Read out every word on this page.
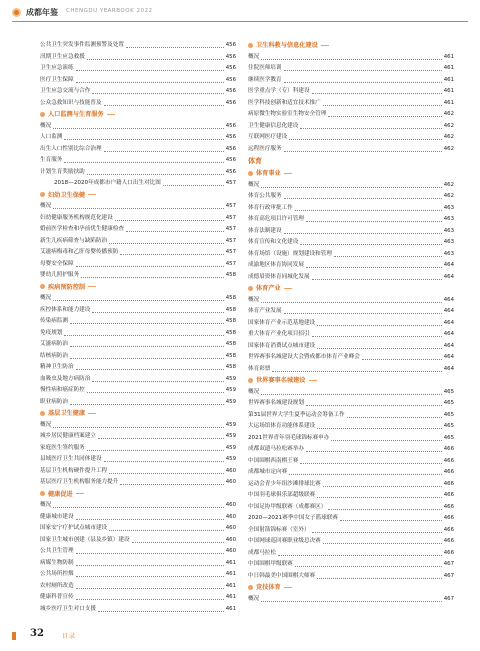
成都年鉴 CHENGDU YEARBOOK 2022
公共卫生突发事件监测预警及处置	456
汛期卫生应急救援	456
卫生应急演练	456
医疗卫生保障	456
卫生应急交流与合作	456
公众急救知识与技能普及	456
人口监测与生育服务
概况	456
人口监测	456
出生人口性别比综合治理	456
生育服务	456
计划生育奖励扶助	456
2018—2020年成都市户籍人口出生对比图	457
妇幼卫生保健
概况	457
妇幼健康服务机构规范化建设	457
婚前医学检查和孕前优生健康检查	457
新生儿疾病筛查与缺陷防治	457
艾滋病梅毒和乙肝母婴传播预防	457
母婴安全保障	457
婴幼儿照护服务	458
疾病预防控制
概况	458
疾控体系和能力建设	458
传染病监测	458
免疫规划	458
艾滋病防治	458
结核病防治	458
精神卫生防治	458
血吸虫及地方病防治	459
慢性病和癌症防控	459
职业病防治	459
基层卫生健康
概况	459
城乡居民健康档案建立	459
家庭医生签约服务	459
县域医疗卫生共同体建设	459
基层卫生机构硬件提升工程	460
基层医疗卫生机构服务能力提升	460
健康促进
概况	460
健康城市建设	460
国家安宁疗护试点城市建设	460
国家卫生城市创建（县及乡镇）建设	460
公共卫生管理	460
病媒生物防制	461
公共场所控烟	461
农村厕所改造	461
健康科普宣传	461
城乡医疗卫生对口支援	461
卫生科教与信息化建设
概况	461
住院医师培训	461
继续医学教育	461
医学重点学（专）科建设	461
医学科技创新和适宜技术推广	461
病原微生物实验室生物安全管理	462
卫生健康信息化建设	462
互联网医疗建设	462
远程医疗服务	462
体育
体育事业
概况	462
体育公共服务	462
体育行政审批工作	463
体育高危项目许可管理	463
体育法制建设	463
体育宣传和文化建设	463
体育场馆（设施）规划建设和管理	463
成渝地区体育协同发展	464
成德眉资体育同城化发展	464
体育产业
概况	464
体育产业发展	464
国家体育产业示范基地建设	464
重大体育产业化项目招引	464
国家体育消费试点城市建设	464
世界赛事名城建设大会暨成都市体育产业峰会	464
体育彩票	464
世界赛事名城建设
概况	465
世界赛事名城建设规划	465
第31届世界大学生夏季运动会筹备工作	465
大运场馆体育功能体系建设	465
2021世界青年羽毛球锦标赛申办	465
成都双遗马拉松赛举办	466
中国围棋西南棋王赛	466
成都城市定向赛	466
运动会青少年组沙滩排球比赛	466
中国羽毛球俱乐部超级联赛	466
中国足协甲级联赛（成都赛区）	466
2020—2021赛季中国女子篮球联赛	466
全国射箭锦标赛（室外）	466
中国网球巡回赛职业级总决赛	466
成都马拉松	466
中国围棋甲级联赛	467
中日韩最美中国围棋大师赛	467
竞技体育
概况	467
32	目录
